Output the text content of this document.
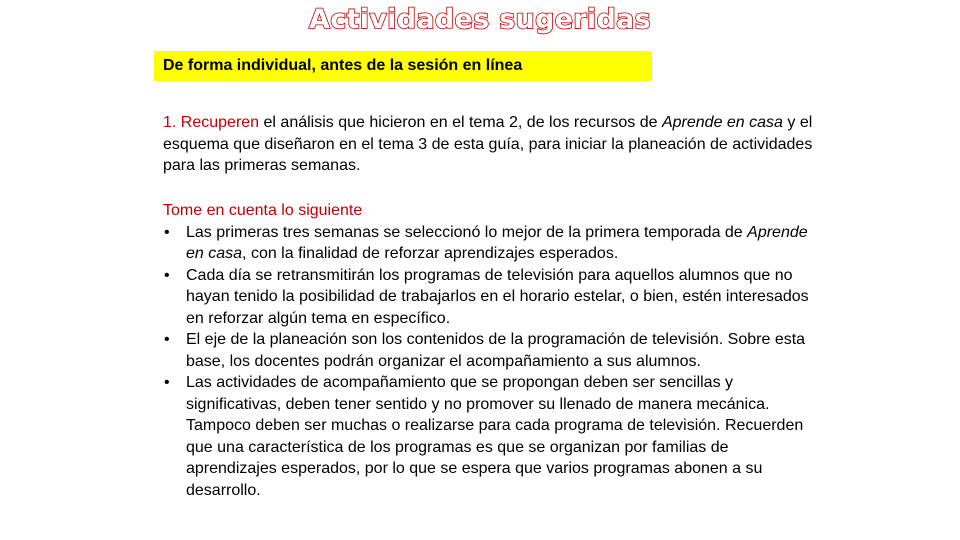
Actividades sugeridas
De forma individual, antes de la sesión en línea
1. Recuperen el análisis que hicieron en el tema 2, de los recursos de Aprende en casa y el esquema que diseñaron en el tema 3 de esta guía, para iniciar la planeación de actividades para las primeras semanas.
Tome en cuenta lo siguiente
• Las primeras tres semanas se seleccionó lo mejor de la primera temporada de Aprende en casa, con la finalidad de reforzar aprendizajes esperados.
• Cada día se retransmitirán los programas de televisión para aquellos alumnos que no hayan tenido la posibilidad de trabajarlos en el horario estelar, o bien, estén interesados en reforzar algún tema en específico.
• El eje de la planeación son los contenidos de la programación de televisión. Sobre esta base, los docentes podrán organizar el acompañamiento a sus alumnos.
• Las actividades de acompañamiento que se propongan deben ser sencillas y significativas, deben tener sentido y no promover su llenado de manera mecánica. Tampoco deben ser muchas o realizarse para cada programa de televisión. Recuerden que una característica de los programas es que se organizan por familias de aprendizajes esperados, por lo que se espera que varios programas abonen a su desarrollo.
